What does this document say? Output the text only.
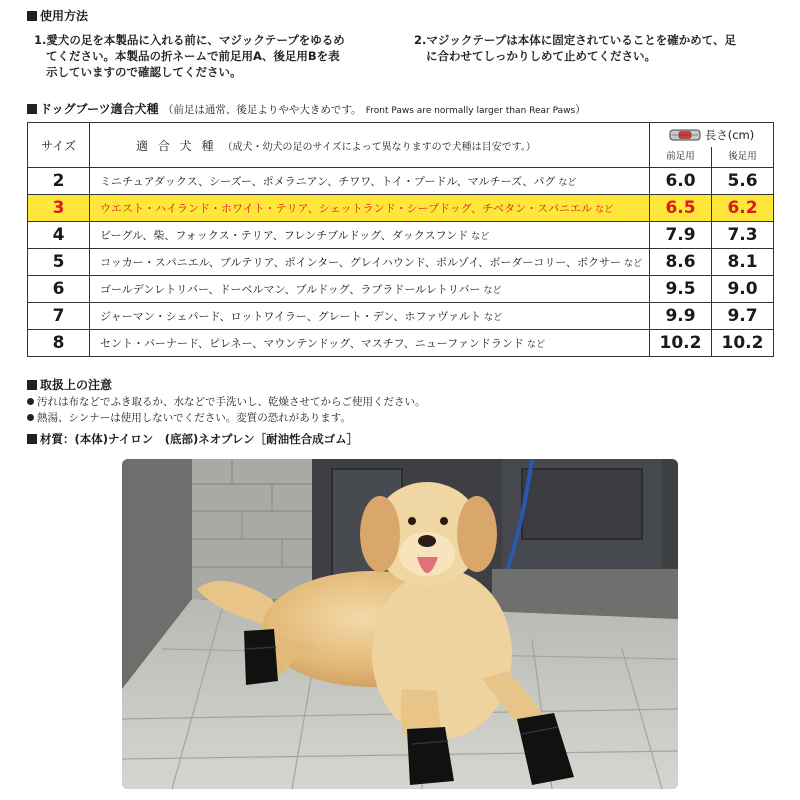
使用方法
1.愛犬の足を本製品に入れる前に、マジックテープをゆるめ
てください。本製品の折ネームで前足用A、後足用Bを表
示していますので確認してください。
2.マジックテープは本体に固定されていることを確かめて、足
に合わせてしっかりしめて止めてください。
ドッグブーツ適合犬種 （前足は通常、後足よりやや大きめです。 Front Paws are normally larger than Rear Paws）
サイズ	適 合 犬 種 （成犬・幼犬の足のサイズによって異なりますので犬種は目安です。）	長さ(cm)
前足用 後足用	

2	ミニチュアダックス、シーズー、ポメラニアン、チワワ、トイ・プードル、マルチーズ、パグ など	6.0	5.6
3	ウエスト・ハイランド・ホワイト・テリア、シェットランド・シープドッグ、チベタン・スパニエル など	6.5	6.2
4	ビーグル、柴、フォックス・テリア、フレンチブルドッグ、ダックスフンド など	7.9	7.3
5	コッカー・スパニエル、ブルテリア、ポインター、グレイハウンド、ボルゾイ、ボーダーコリー、ボクサー など	8.6	8.1
6	ゴールデンレトリバー、ドーベルマン、ブルドッグ、ラブラドールレトリバー など	9.5	9.0
7	ジャーマン・シェパード、ロットワイラー、グレート・デン、ホファヴァルト など	9.9	9.7
8	セント・バーナード、ピレネー、マウンテンドッグ、マスチフ、ニューファンドランド など	10.2	10.2
取扱上の注意
汚れは布などでふき取るか、水などで手洗いし、乾燥させてからご使用ください。
熱湯、シンナーは使用しないでください。変質の恐れがあります。
材質：(本体)ナイロン　(底部)ネオプレン［耐油性合成ゴム］
